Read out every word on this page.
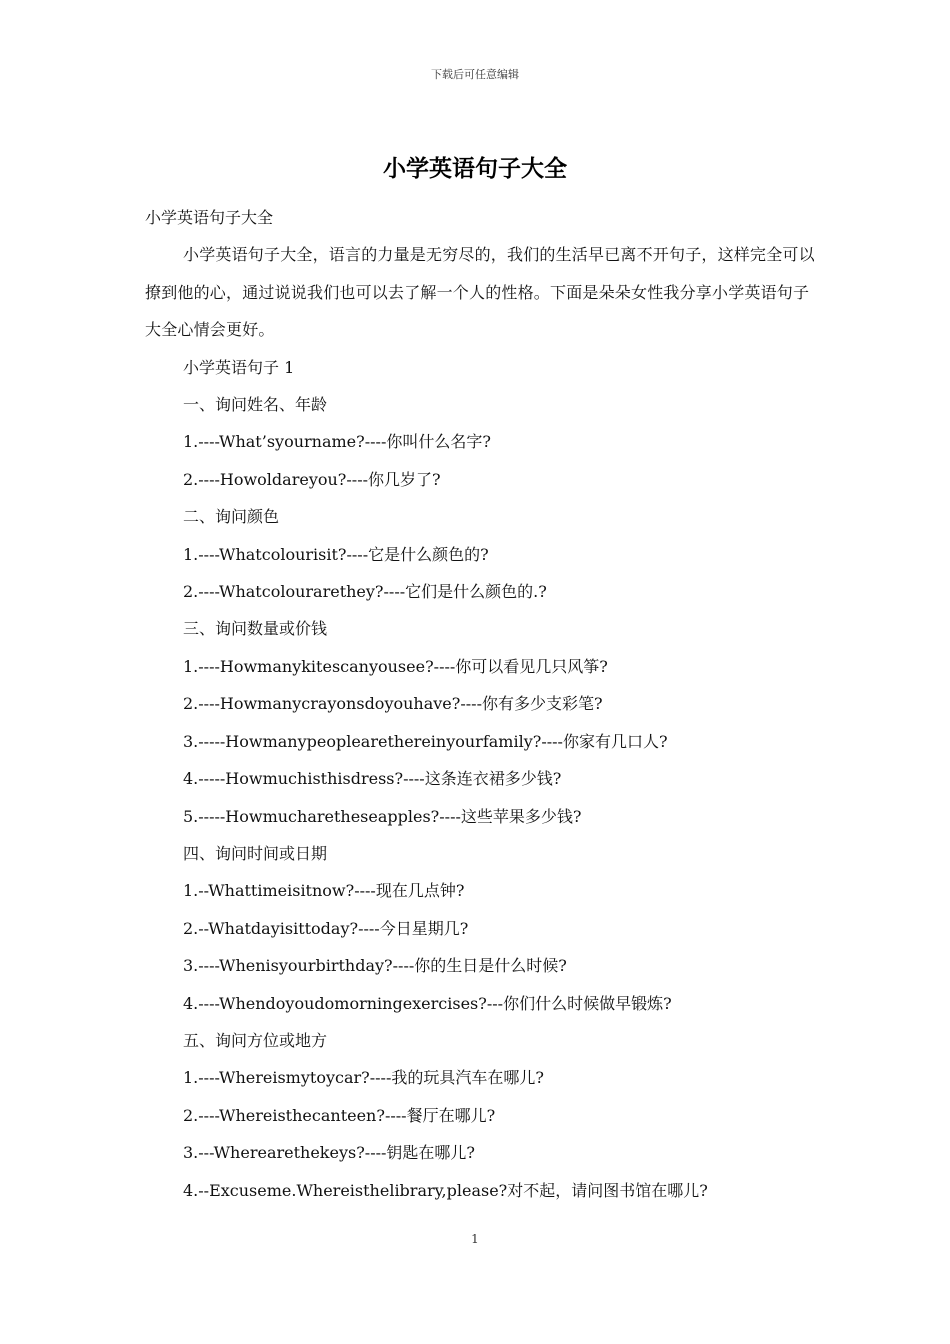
下载后可任意编辑
小学英语句子大全

小学英语句子大全

小学英语句子大全，语言的力量是无穷尽的，我们的生活早已离不开句子，这样完全可以撩到他的心，通过说说我们也可以去了解一个人的性格。下面是朵朵女性我分享小学英语句子大全心情会更好。

小学英语句子 1

一、询问姓名、年龄

1.----What’syourname?----你叫什么名字?

2.----Howoldareyou?----你几岁了?

二、询问颜色

1.----Whatcolourisit?----它是什么颜色的?

2.----Whatcolourarethey?----它们是什么颜色的.?

三、询问数量或价钱

1.----Howmanykitescanyousee?----你可以看见几只风筝?

2.----Howmanycrayonsdoyouhave?----你有多少支彩笔?

3.-----Howmanypeoplearethereinyourfamily?----你家有几口人?

4.-----Howmuchisthisdress?----这条连衣裙多少钱?

5.-----Howmucharetheseapples?----这些苹果多少钱?

四、询问时间或日期

1.--Whattimeisitnow?----现在几点钟?

2.--Whatdayisittoday?----今日星期几?

3.----Whenisyourbirthday?----你的生日是什么时候?

4.----Whendoyoudomorningexercises?---你们什么时候做早锻炼?

五、询问方位或地方

1.----Whereismytoycar?----我的玩具汽车在哪儿?

2.----Whereisthecanteen?----餐厅在哪儿?

3.---Wherearethekeys?----钥匙在哪儿?

4.--Excuseme.Whereisthelibrary,please?对不起，请问图书馆在哪儿?

1
